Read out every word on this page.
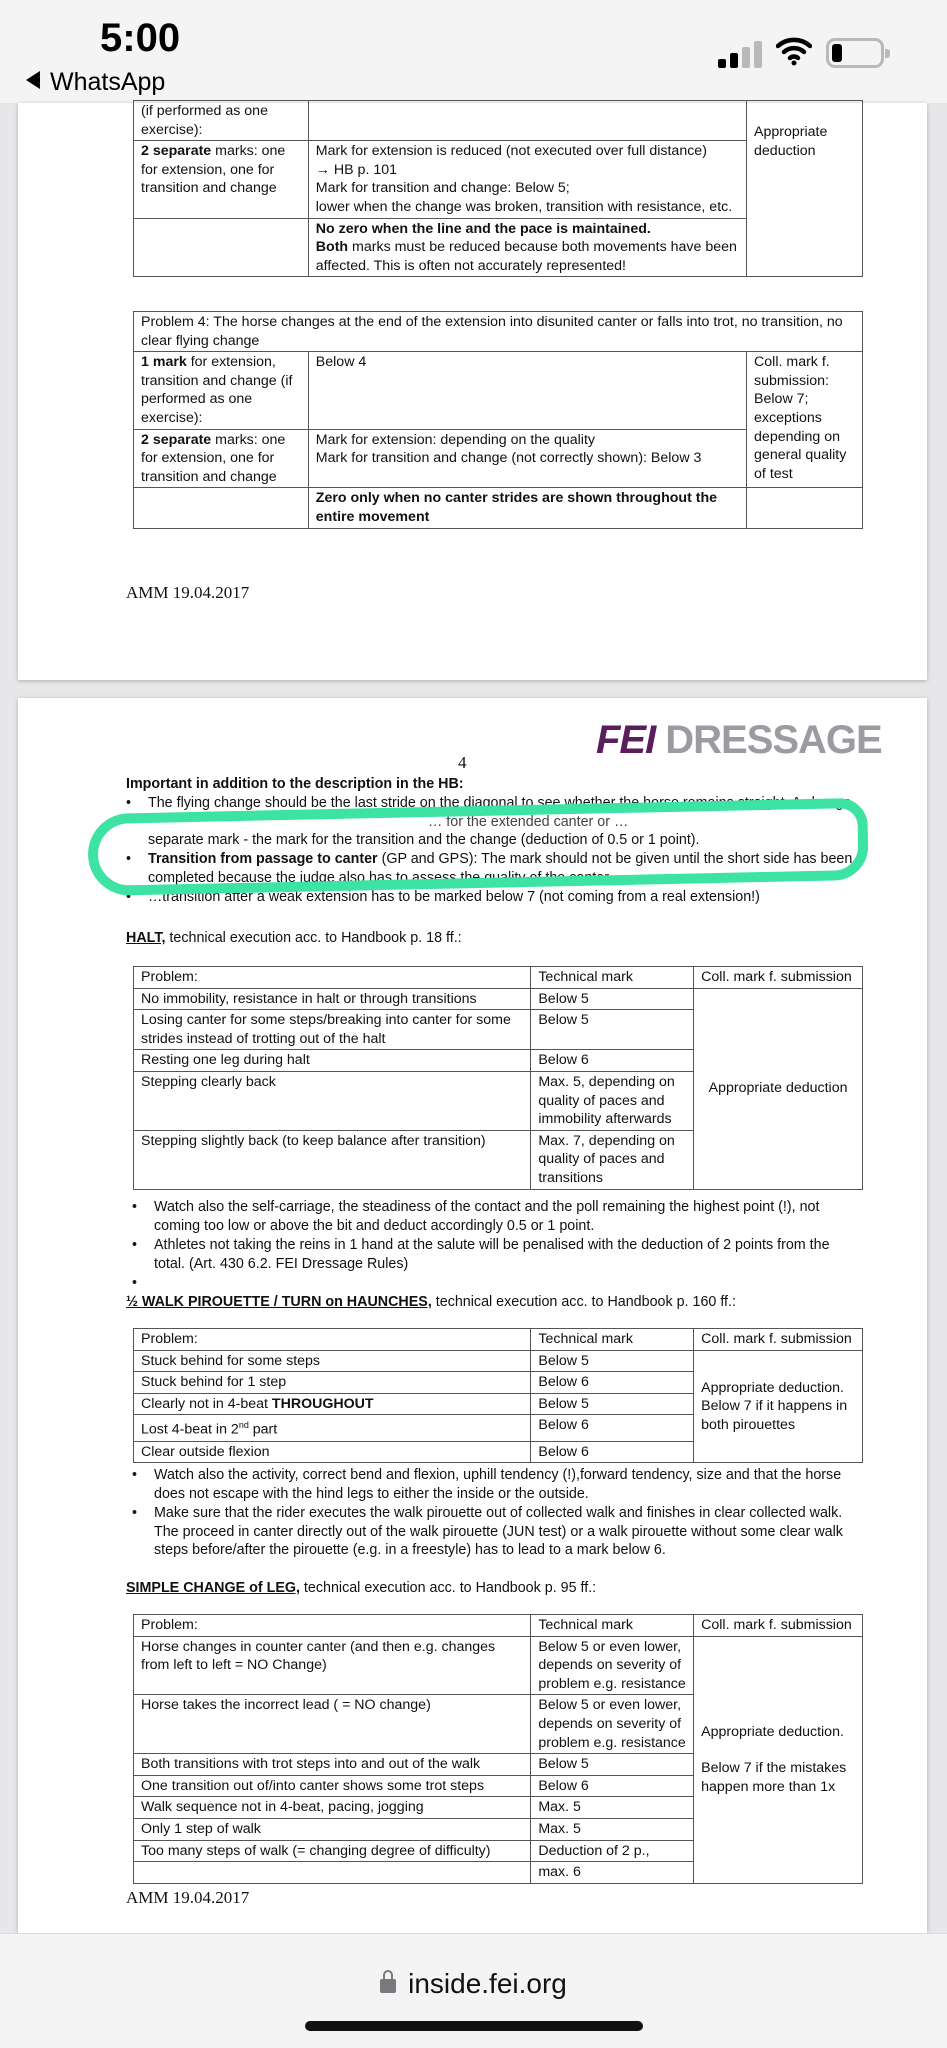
5:00
WhatsApp
(if performed as one exercise):		Appropriate deduction
2 separate marks: one for extension, one for transition and change	Mark for extension is reduced (not executed over full distance)
→ HB p. 101
Mark for transition and change: Below 5;
lower when the change was broken, transition with resistance, etc.	

	No zero when the line and the pace is maintained.
Both marks must be reduced because both movements have been affected. This is often not accurately represented!	
Problem 4: The horse changes at the end of the extension into disunited canter or falls into trot, no transition, no clear flying change		
1 mark for extension, transition and change (if performed as one exercise):	Below 4	Coll. mark f. submission: Below 7; exceptions depending on general quality of test
2 separate marks: one for extension, one for transition and change	Mark for extension: depending on the quality
Mark for transition and change (not correctly shown): Below 3	

	Zero only when no canter strides are shown throughout the entire movement	
AMM 19.04.2017
FEI DRESSAGE
4
Important in addition to the description in the HB:
• The flying change should be the last stride on the diagonal to see whether the horse remains straight. A change
… for the extended canter or …
separate mark - the mark for the transition and the change (deduction of 0.5 or 1 point).
• Transition from passage to canter (GP and GPS): The mark should not be given until the short side has been
completed because the judge also has to assess the quality of the canter.
• …transition after a weak extension has to be marked below 7 (not coming from a real extension!)
HALT, technical execution acc. to Handbook p. 18 ff.:
Problem:	Technical mark	Coll. mark f. submission
No immobility, resistance in halt or through transitions	Below 5	Appropriate deduction

Losing canter for some steps/breaking into canter for some strides instead of trotting out of the halt	Below 5	
Resting one leg during halt	Below 6	
Stepping clearly back	Max. 5, depending on quality of paces and immobility afterwards	
Stepping slightly back (to keep balance after transition)	Max. 7, depending on quality of paces and transitions	
• Watch also the self-carriage, the steadiness of the contact and the poll remaining the highest point (!), not coming too low or above the bit and deduct accordingly 0.5 or 1 point.
• Athletes not taking the reins in 1 hand at the salute will be penalised with the deduction of 2 points from the total. (Art. 430 6.2. FEI Dressage Rules)
•
½ WALK PIROUETTE / TURN on HAUNCHES, technical execution acc. to Handbook p. 160 ff.:
Problem:	Technical mark	Coll. mark f. submission
Stuck behind for some steps	Below 5	Appropriate deduction. Below 7 if it happens in both pirouettes

Stuck behind for 1 step	Below 6	
Clearly not in 4-beat THROUGHOUT	Below 5	
Lost 4-beat in 2nd part	Below 6	
Clear outside flexion	Below 6	
• Watch also the activity, correct bend and flexion, uphill tendency (!),forward tendency, size and that the horse does not escape with the hind legs to either the inside or the outside.
• Make sure that the rider executes the walk pirouette out of collected walk and finishes in clear collected walk. The proceed in canter directly out of the walk pirouette (JUN test) or a walk pirouette without some clear walk steps before/after the pirouette (e.g. in a freestyle) has to lead to a mark below 6.
SIMPLE CHANGE of LEG, technical execution acc. to Handbook p. 95 ff.:
Problem:	Technical mark	Coll. mark f. submission
Horse changes in counter canter (and then e.g. changes from left to left = NO Change)	Below 5 or even lower, depends on severity of problem e.g. resistance	Appropriate deduction.
Below 7 if the mistakes happen more than 1x

Horse takes the incorrect lead ( = NO change)	Below 5 or even lower, depends on severity of problem e.g. resistance	
Both transitions with trot steps into and out of the walk	Below 5	
One transition out of/into canter shows some trot steps	Below 6	
Walk sequence not in 4-beat, pacing, jogging	Max. 5	
Only 1 step of walk	Max. 5	
Too many steps of walk (= changing degree of difficulty)	Deduction of 2 p.,	
	max. 6	
AMM 19.04.2017
inside.fei.org
